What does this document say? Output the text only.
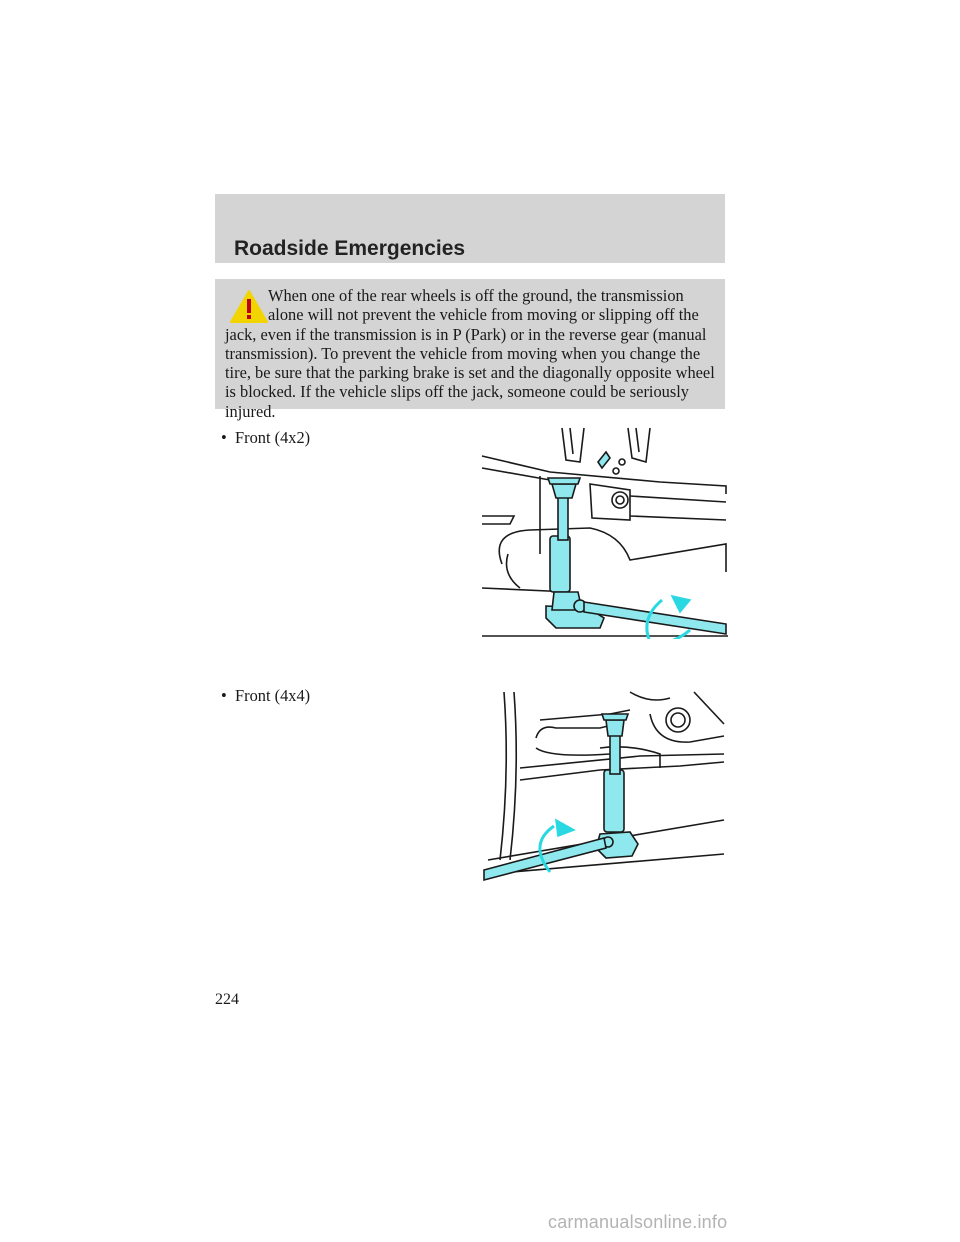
Roadside Emergencies

When one of the rear wheels is off the ground, the transmission alone will not prevent the vehicle from moving or slipping off the jack, even if the transmission is in P (Park) or in the reverse gear (manual transmission). To prevent the vehicle from moving when you change the tire, be sure that the parking brake is set and the diagonally opposite wheel is blocked. If the vehicle slips off the jack, someone could be seriously injured.

• Front (4x2)
• Front (4x4)
224
carmanualsonline.info
